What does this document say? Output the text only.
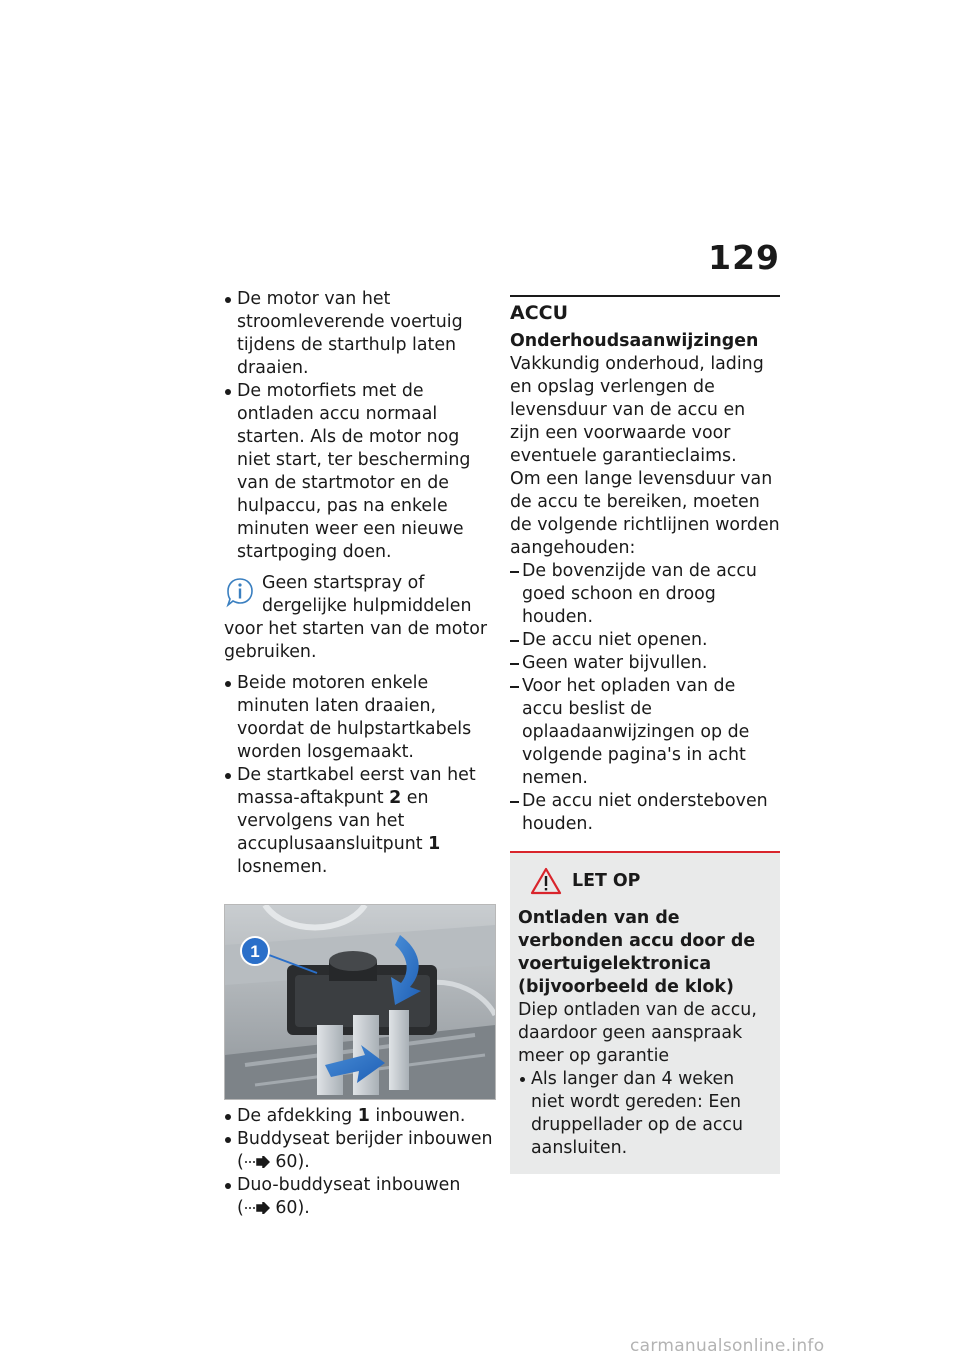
129
De motor van het stroomleverende voertuig tijdens de starthulp laten draaien.
De motorfiets met de ontladen accu normaal starten. Als de motor nog niet start, ter bescherming van de startmotor en de hulpaccu, pas na enkele minuten weer een nieuwe startpoging doen.
Geen startspray of dergelijke hulpmiddelen voor het starten van de motor gebruiken.
Beide motoren enkele minuten laten draaien, voordat de hulpstartkabels worden losgemaakt.
De startkabel eerst van het massa-aftakpunt 2 en vervolgens van het accuplusaansluitpunt 1 losnemen.
1
De afdekking 1 inbouwen.
Buddyseat berijder inbouwen
( 60).
Duo-buddyseat inbouwen
( 60).
ACCU
Onderhoudsaanwijzingen
Vakkundig onderhoud, lading en opslag verlengen de levensduur van de accu en zijn een voorwaarde voor eventuele garantieclaims.
Om een lange levensduur van de accu te bereiken, moeten de volgende richtlijnen worden aangehouden:
De bovenzijde van de accu goed schoon en droog houden.
De accu niet openen.
Geen water bijvullen.
Voor het opladen van de accu beslist de oplaadaanwijzingen op de volgende pagina's in acht nemen.
De accu niet ondersteboven houden.
LET OP
Ontladen van de verbonden accu door de voertuigelektronica (bijvoorbeeld de klok)
Diep ontladen van de accu, daardoor geen aanspraak meer op garantie
Als langer dan 4 weken niet wordt gereden: Een druppellader op de accu aansluiten.
carmanualsonline.info
